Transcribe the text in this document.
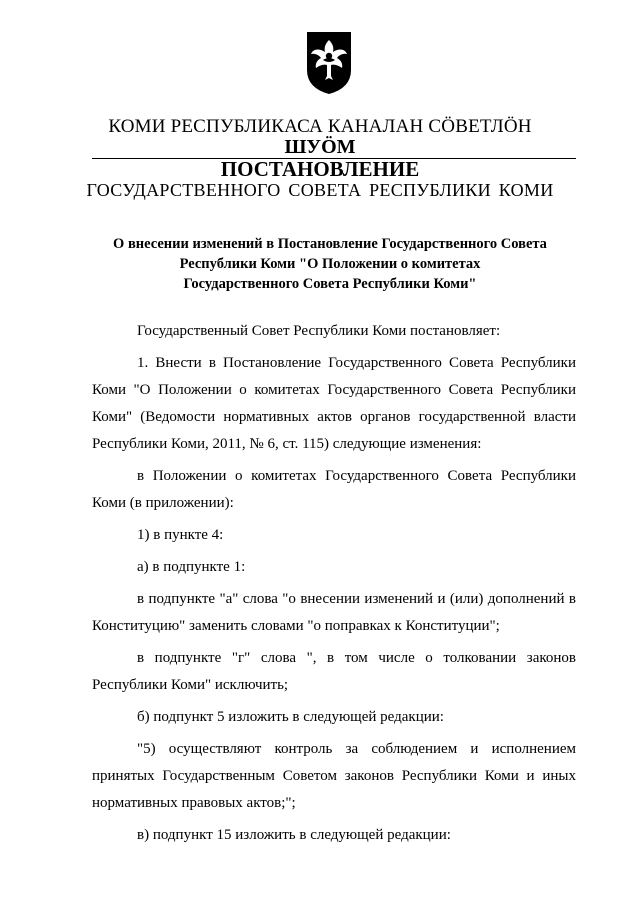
КОМИ РЕСПУБЛИКАСА КАНАЛАН СÖВЕТЛÖН
ШУÖМ
ПОСТАНОВЛЕНИЕ
ГОСУДАРСТВЕННОГО СОВЕТА РЕСПУБЛИКИ КОМИ
О внесении изменений в Постановление Государственного Совета
Республики Коми "О Положении о комитетах
Государственного Совета Республики Коми"
Государственный Совет Республики Коми постановляет:
1. Внести в Постановление Государственного Совета Республики
Коми "О Положении о комитетах Государственного Совета Республики
Коми" (Ведомости нормативных актов органов государственной власти
Республики Коми, 2011, № 6, ст. 115) следующие изменения:
в Положении о комитетах Государственного Совета Республики
Коми (в приложении):
1) в пункте 4:
а) в подпункте 1:
в подпункте "а" слова "о внесении изменений и (или) дополнений в
Конституцию" заменить словами "о поправках к Конституции";
в подпункте "г" слова ", в том числе о толковании законов
Республики Коми" исключить;
б) подпункт 5 изложить в следующей редакции:
"5) осуществляют контроль за соблюдением и исполнением
принятых Государственным Советом законов Республики Коми и иных
нормативных правовых актов;";
в) подпункт 15 изложить в следующей редакции:
